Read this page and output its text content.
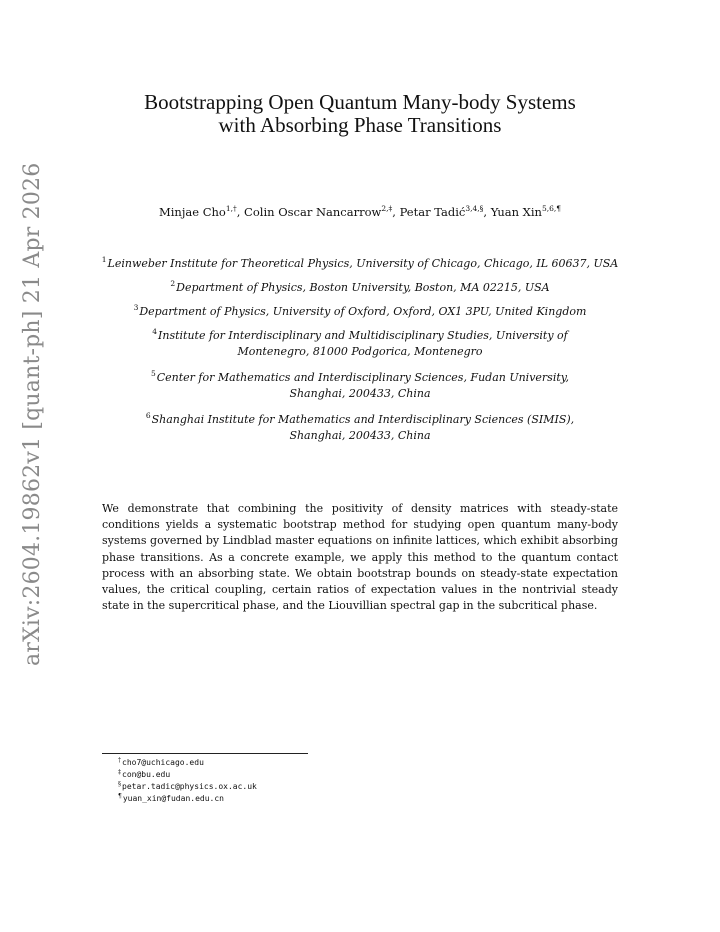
arXiv:2604.19862v1 [quant-ph] 21 Apr 2026
Bootstrapping Open Quantum Many-body Systems
with Absorbing Phase Transitions
Minjae Cho$^{1,\dagger}$, Colin Oscar Nancarrow$^{2,\ddagger}$, Petar Tadić$^{3,4,\S}$, Yuan Xin$^{5,6,\P}$
$^1$Leinweber Institute for Theoretical Physics, University of Chicago, Chicago, IL 60637, USA
$^2$Department of Physics, Boston University, Boston, MA 02215, USA
$^3$Department of Physics, University of Oxford, Oxford, OX1 3PU, United Kingdom
$^4$Institute for Interdisciplinary and Multidisciplinary Studies, University of
Montenegro, 81000 Podgorica, Montenegro
$^5$Center for Mathematics and Interdisciplinary Sciences, Fudan University,
Shanghai, 200433, China
$^6$Shanghai Institute for Mathematics and Interdisciplinary Sciences (SIMIS),
Shanghai, 200433, China

We demonstrate that combining the positivity of density matrices with steady-state conditions yields a systematic bootstrap method for studying open quantum many-body systems governed by Lindblad master equations on infinite lattices, which exhibit absorbing phase transitions. As a concrete example, we apply this method to the quantum contact process with an absorbing state. We obtain bootstrap bounds on steady-state expectation values, the critical coupling, certain ratios of expectation values in the nontrivial steady state in the supercritical phase, and the Liouvillian spectral gap in the subcritical phase.

†cho7@uchicago.edu
‡con@bu.edu
§petar.tadic@physics.ox.ac.uk
¶yuan_xin@fudan.edu.cn
